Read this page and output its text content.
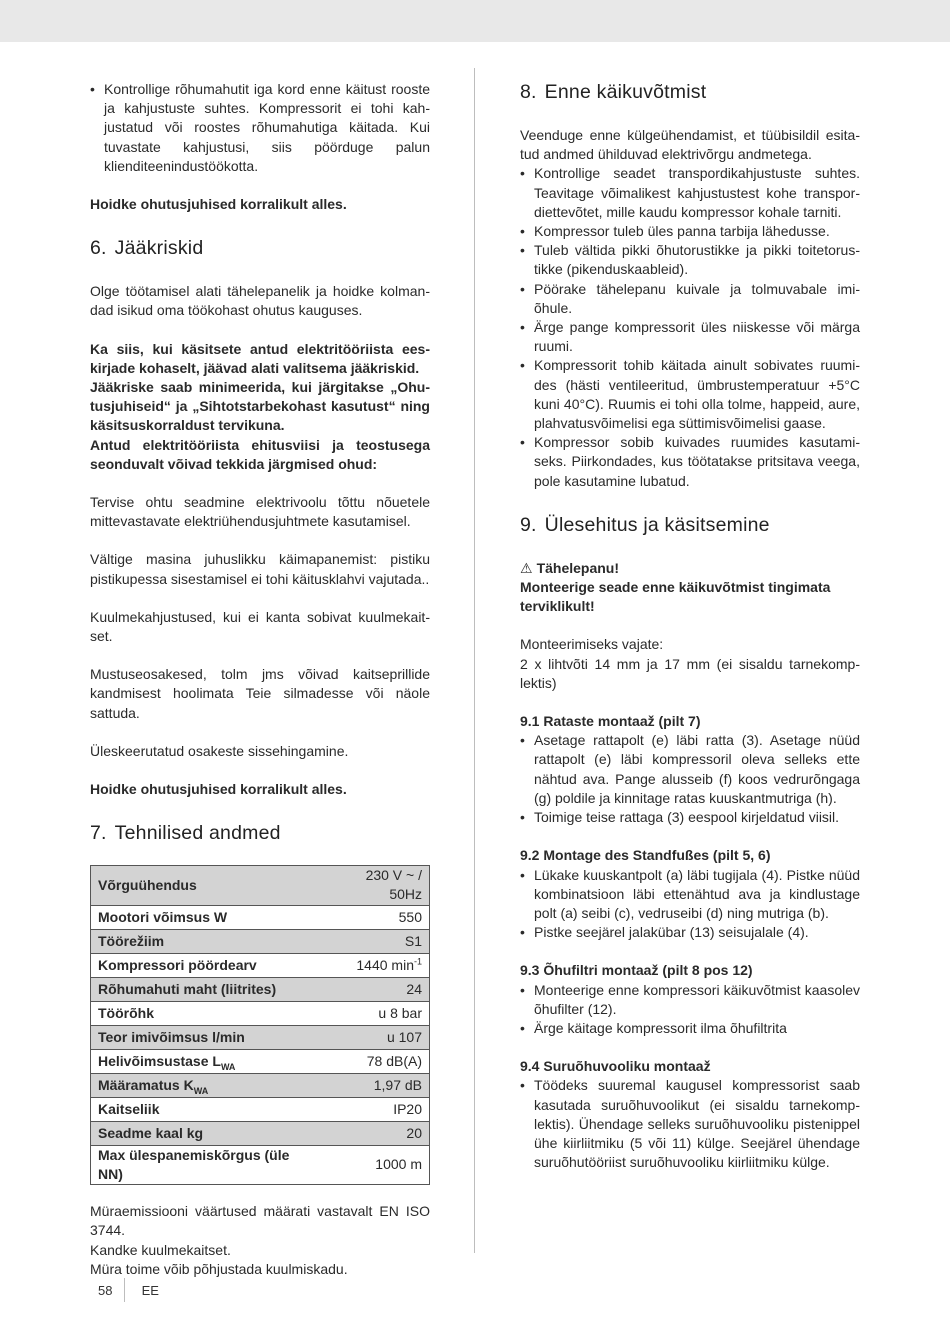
• Kontrollige rõhumahutit iga kord enne käitust rooste ja kahjustuste suhtes. Kompressorit ei tohi kahjustatud või roostes rõhumahutiga käitada. Kui tuvastate kahjustusi, siis pöörduge palun klienditeenindustöökotta.

Hoidke ohutusjuhised korralikult alles.

6. Jääkriskid

Olge töötamisel alati tähelepanelik ja hoidke kolmandad isikud oma töökohast ohutus kauguses.

Ka siis, kui käsitsete antud elektritööriista eeskirjade kohaselt, jäävad alati valitsema jääkriskid.

Jääkriske saab minimeerida, kui järgitakse „Ohutusjuhiseid“ ja „Sihtotstarbekohast kasutust“ ning käsitsuskorraldust tervikuna.

Antud elektritööriista ehitusviisi ja teostusega seonduvalt võivad tekkida järgmised ohud:

Tervise ohtu seadmine elektrivoolu tõttu nõuetele mittevastavate elektriühendusjuhtmete kasutamisel.

Vältige masina juhuslikku käimapanemist: pistiku pistikupessa sisestamisel ei tohi käitusklahvi vajutada..

Kuulmekahjustused, kui ei kanta sobivat kuulmekaitset.

Mustuseosakesed, tolm jms võivad kaitseprillide kandmisest hoolimata Teie silmadesse või näole sattuda.

Üleskeerutatud osakeste sissehingamine.

Hoidke ohutusjuhised korralikult alles.

7. Tehnilised andmed
Võrguühendus	230 V ~ / 50Hz
Mootori võimsus W	550
Töörežiim	S1
Kompressori pöördearv	1440 $\min^{-1}$
Rõhumahuti maht (liitrites)	24
Töörõhk	u 8 bar
Teor imivõimsus l/min	u 107
Helivõimsustase $L_{WA}$	78 dB(A)
Määramatus $K_{WA}$	1,97 dB
Kaitseliik	IP20
Seadme kaal kg	20
Max ülespanemiskõrgus (üle NN)	1000 m

Müraemissiooni väärtused määrati vastavalt EN ISO 3744.

Kandke kuulmekaitset.

Müra toime võib põhjustada kuulmiskadu.

8. Enne käikuvõtmist

Veenduge enne külgeühendamist, et tüübisildil esitatud andmed ühilduvad elektrivõrgu andmetega.

• Kontrollige seadet transpordikahjustuste suhtes. Teavitage võimalikest kahjustustest kohe transpordiettevõtet, mille kaudu kompressor kohale tarniti.
• Kompressor tuleb üles panna tarbija lähedusse.
• Tuleb vältida pikki õhutorustikke ja pikki toitetorustikke (pikenduskaableid).
• Pöörake tähelepanu kuivale ja tolmuvabale imiõhule.
• Ärge pange kompressorit üles niiskesse või märga ruumi.
• Kompressorit tohib käitada ainult sobivates ruumides (hästi ventileeritud, ümbrustemperatuur +5°C kuni 40°C). Ruumis ei tohi olla tolme, happeid, aure, plahvatusvõimelisi ega süttimisvõimelisi gaase.
• Kompressor sobib kuivades ruumides kasutamiseks. Piirkondades, kus töötatakse pritsitava veega, pole kasutamine lubatud.
9. Ülesehitus ja käsitsemine

⚠ Tähelepanu!

Monteerige seade enne käikuvõtmist tingimata terviklikult!

Monteerimiseks vajate:

2 x lihtvõti 14 mm ja 17 mm (ei sisaldu tarnekomplektis)

9.1 Rataste montaaž (pilt 7)
• Asetage rattapolt (e) läbi ratta (3). Asetage nüüd rattapolt (e) läbi kompressoril oleva selleks ette nähtud ava. Pange alusseib (f) koos vedrurõngaga (g) poldile ja kinnitage ratas kuuskantmutriga (h).
• Toimige teise rattaga (3) eespool kirjeldatud viisil.
9.2 Montage des Standfußes (pilt 5, 6)
• Lükake kuuskantpolt (a) läbi tugijala (4). Pistke nüüd kombinatsioon läbi ettenähtud ava ja kindlustage polt (a) seibi (c), vedruseibi (d) ning mutriga (b).
• Pistke seejärel jalakübar (13) seisujalale (4).
9.3 Õhufiltri montaaž (pilt 8 pos 12)
• Monteerige enne kompressori käikuvõtmist kaasolev õhufilter (12).
• Ärge käitage kompressorit ilma õhufiltrita
9.4 Suruõhuvooliku montaaž
• Töödeks suuremal kaugusel kompressorist saab kasutada suruõhuvoolikut (ei sisaldu tarnekomplektis). Ühendage selleks suruõhuvooliku pistenippel ühe kiirliitmiku (5 või 11) külge. Seejärel ühendage suruõhutööriist suruõhuvooliku kiirliitmiku külge.
58 EE
